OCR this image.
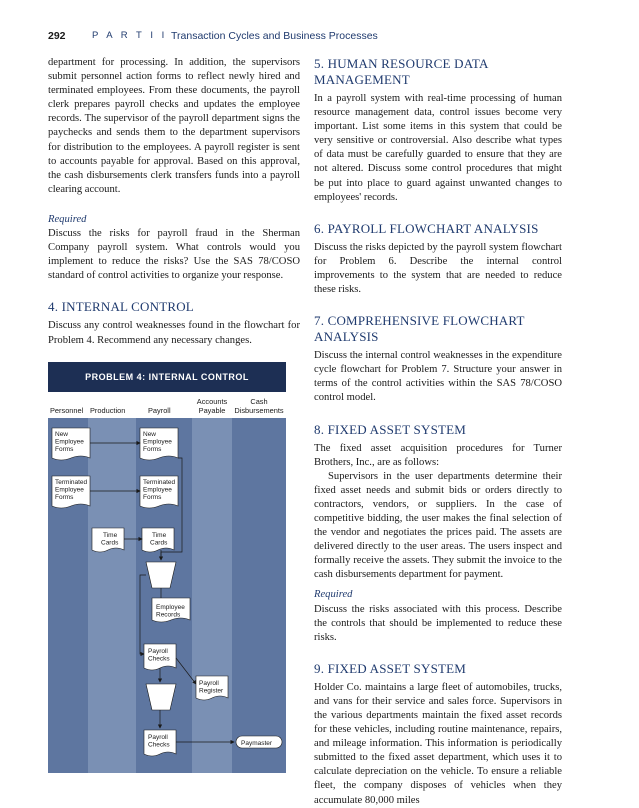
292	P A R T I I Transaction Cycles and Business Processes

department for processing. In addition, the supervisors submit personnel action forms to reflect newly hired and terminated employees. From these documents, the payroll clerk prepares payroll checks and updates the employee records. The supervisor of the payroll department signs the paychecks and sends them to the department supervisors for distribution to the employees. A payroll register is sent to accounts payable for approval. Based on this approval, the cash disbursements clerk transfers funds into a payroll clearing account.

Required

Discuss the risks for payroll fraud in the Sherman Company payroll system. What controls would you implement to reduce the risks? Use the SAS 78/COSO standard of control activities to organize your response.

4. INTERNAL CONTROL

Discuss any control weaknesses found in the flowchart for Problem 4. Recommend any necessary changes.

New Employee Forms
Terminated Employee Forms
New Employee Forms
Terminated Employee Forms
Time Cards
Time Cards
Employee Records
Payroll Checks
Payroll Register
Payroll Checks	Paymaster
PROBLEM 4: INTERNAL CONTROL
Personnel Production	Payroll
Accounts Payable
Cash Disbursements
5. HUMAN RESOURCE DATA MANAGEMENT

In a payroll system with real-time processing of human resource management data, control issues become very important. List some items in this system that could be very sensitive or controversial. Also describe what types of data must be carefully guarded to ensure that they are not altered. Discuss some control procedures that might be put into place to guard against unwanted changes to employees' records.

6. PAYROLL FLOWCHART ANALYSIS

Discuss the risks depicted by the payroll system flowchart for Problem 6. Describe the internal control improvements to the system that are needed to reduce these risks.

7. COMPREHENSIVE FLOWCHART ANALYSIS

Discuss the internal control weaknesses in the expenditure cycle flowchart for Problem 7. Structure your answer in terms of the control activities within the SAS 78/COSO control model.

8. FIXED ASSET SYSTEM

The fixed asset acquisition procedures for Turner Brothers, Inc., are as follows:

Supervisors in the user departments determine their fixed asset needs and submit bids or orders directly to contractors, vendors, or suppliers. In the case of competitive bidding, the user makes the final selection of the vendor and negotiates the prices paid. The assets are delivered directly to the user areas. The users inspect and formally receive the assets. They submit the invoice to the cash disbursements department for payment.

Required

Discuss the risks associated with this process. Describe the controls that should be implemented to reduce these risks.

9. FIXED ASSET SYSTEM

Holder Co. maintains a large fleet of automobiles, trucks, and vans for their service and sales force. Supervisors in the various departments maintain the fixed asset records for these vehicles, including routine maintenance, repairs, and mileage information. This information is periodically submitted to the fixed asset department, which uses it to calculate depreciation on the vehicle. To ensure a reliable fleet, the company disposes of vehicles when they accumulate 80,000 miles
